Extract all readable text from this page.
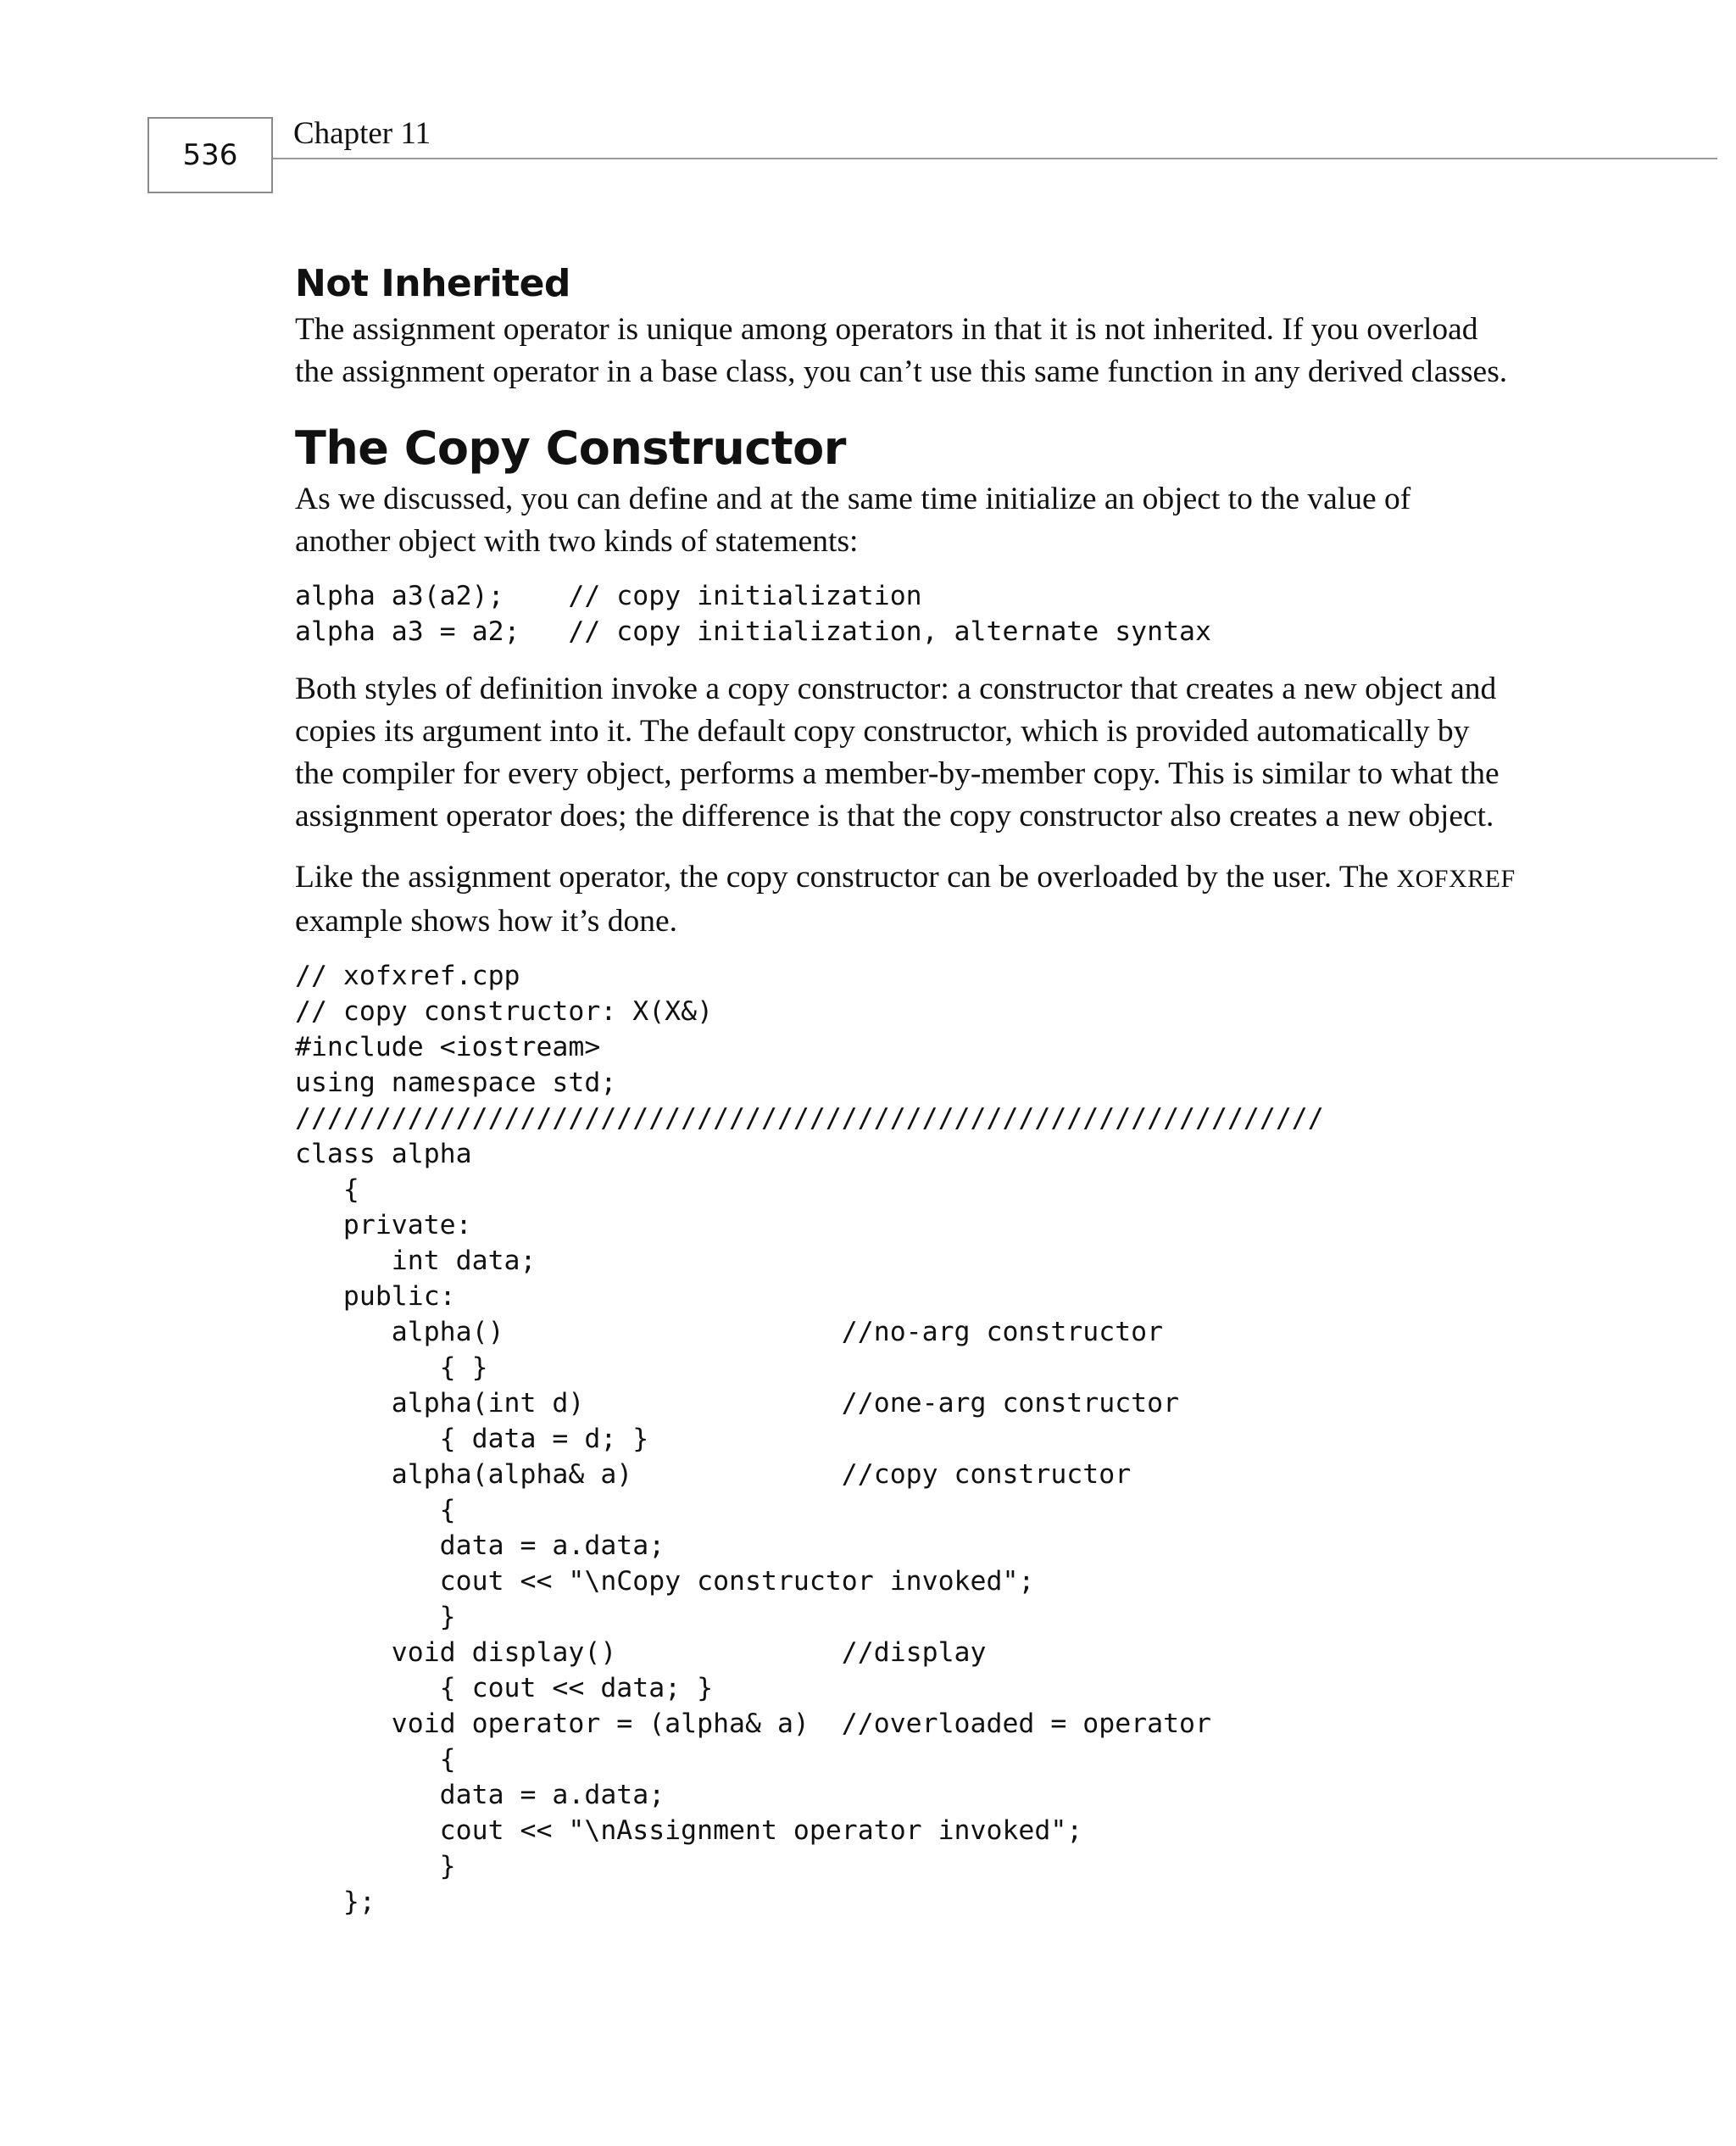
536
Chapter 11
Not Inherited

The assignment operator is unique among operators in that it is not inherited. If you overload
the assignment operator in a base class, you can’t use this same function in any derived classes.

The Copy Constructor

As we discussed, you can define and at the same time initialize an object to the value of
another object with two kinds of statements:

alpha a3(a2);    // copy initialization
alpha a3 = a2;   // copy initialization, alternate syntax

Both styles of definition invoke a copy constructor: a constructor that creates a new object and
copies its argument into it. The default copy constructor, which is provided automatically by
the compiler for every object, performs a member-by-member copy. This is similar to what the
assignment operator does; the difference is that the copy constructor also creates a new object.

Like the assignment operator, the copy constructor can be overloaded by the user. The XOFXREF
example shows how it’s done.

// xofxref.cpp
// copy constructor: X(X&)
#include <iostream>
using namespace std;
////////////////////////////////////////////////////////////////
class alpha
{
private:
int data;
public:
alpha()                     //no-arg constructor
{ }
alpha(int d)                //one-arg constructor
{ data = d; }
alpha(alpha& a)             //copy constructor
{
data = a.data;
cout << "\nCopy constructor invoked";
}
void display()              //display
{ cout << data; }
void operator = (alpha& a)  //overloaded = operator
{
data = a.data;
cout << "\nAssignment operator invoked";
}
};
